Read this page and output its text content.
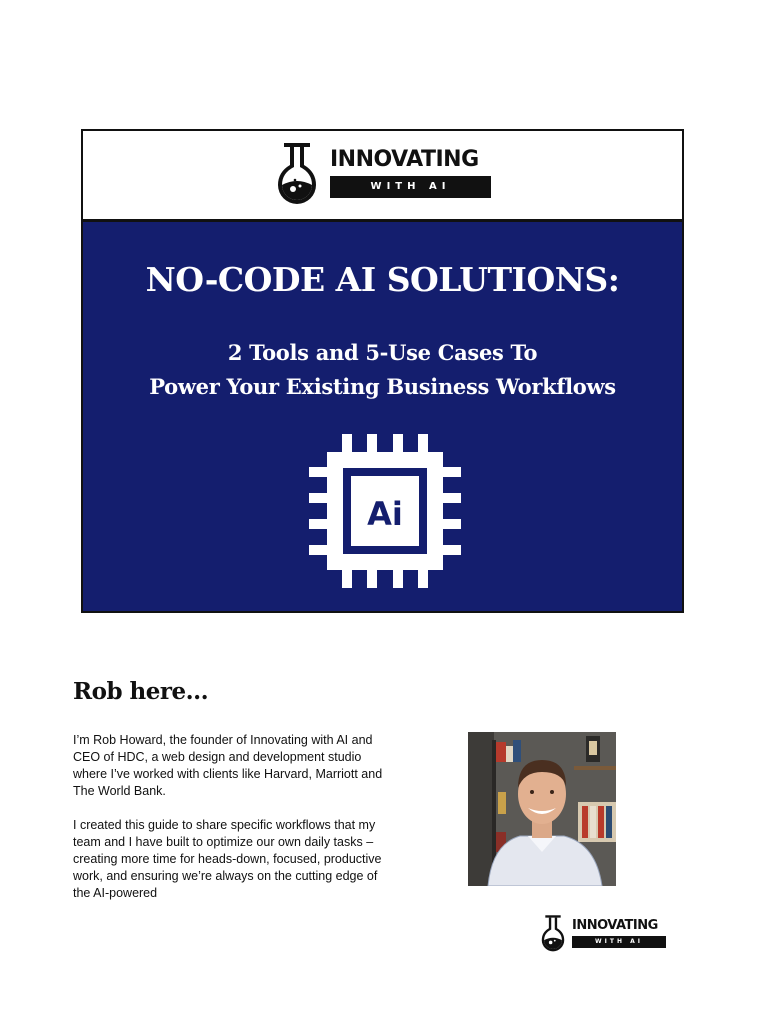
INNOVATING
WITH AI
NO-CODE AI SOLUTIONS:
2 Tools and 5-Use Cases To
Power Your Existing Business Workflows
Ai
Rob here...

I’m Rob Howard, the founder of Innovating with AI and CEO of HDC, a web design and development studio where I’ve worked with clients like Harvard, Marriott and The World Bank.

I created this guide to share specific workflows that my team and I have built to optimize our own daily tasks – creating more time for heads-down, focused, productive work, and ensuring we’re always on the cutting edge of the AI-powered

INNOVATING
WITH AI
